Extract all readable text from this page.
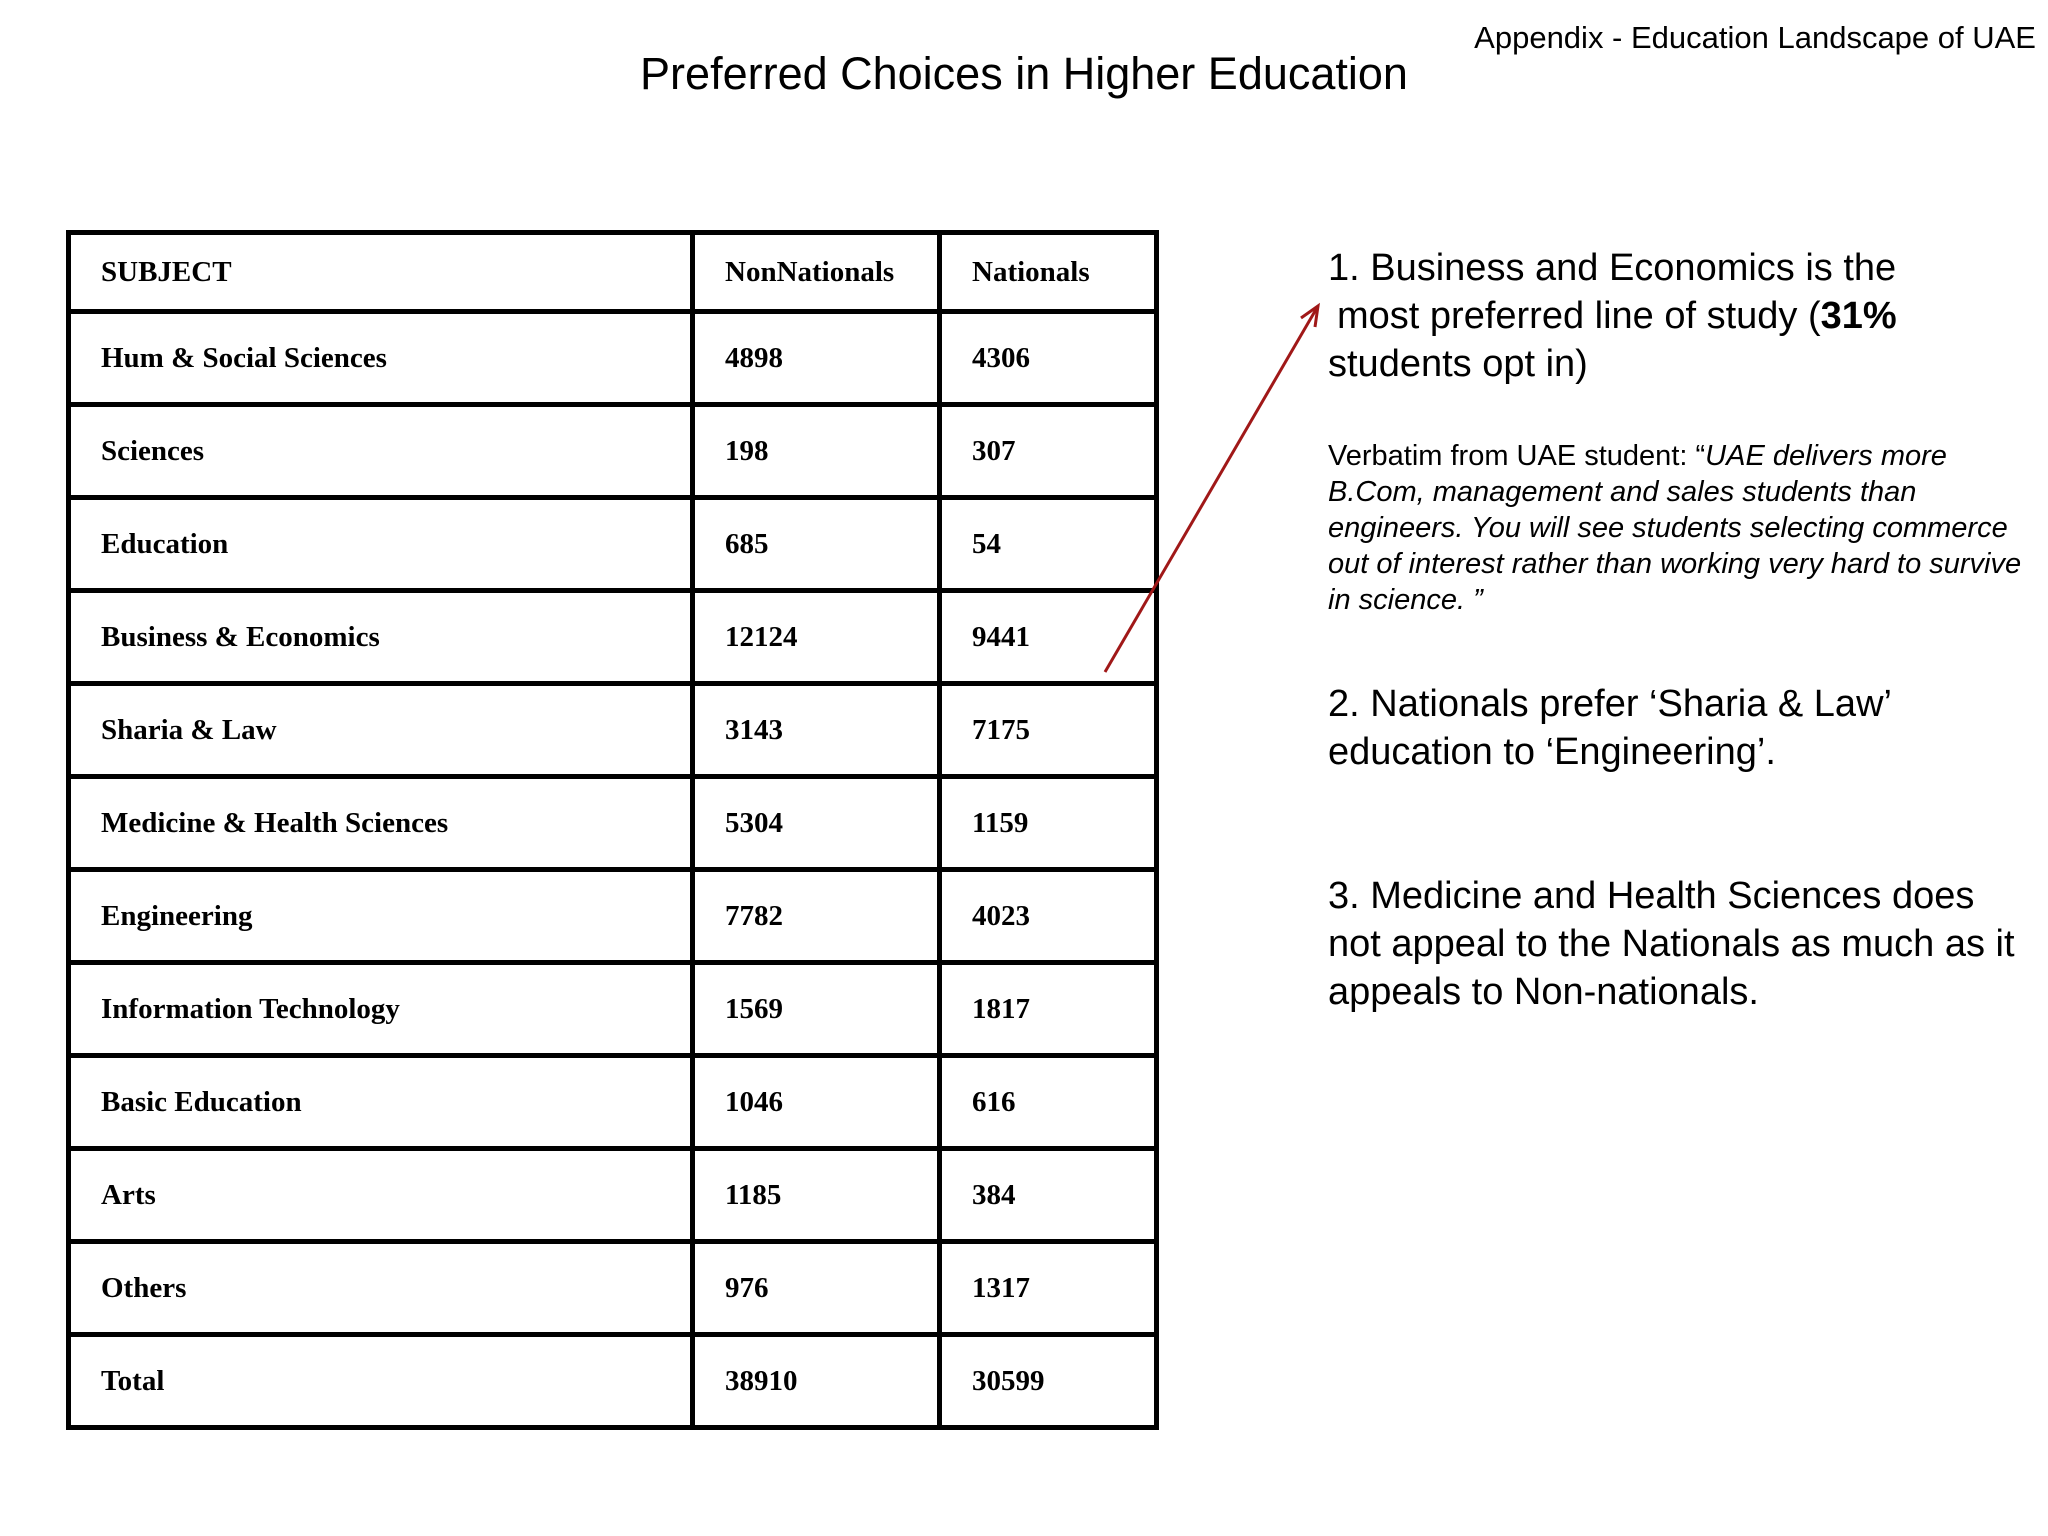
Appendix - Education Landscape of UAE
Preferred Choices in Higher Education
SUBJECT	NonNationals	Nationals
Hum & Social Sciences	4898	4306
Sciences	198	307
Education	685	54
Business & Economics	12124	9441
Sharia & Law	3143	7175
Medicine & Health Sciences	5304	1159
Engineering	7782	4023
Information Technology	1569	1817
Basic Education	1046	616
Arts	1185	384
Others	976	1317
Total	38910	30599

1. Business and Economics is the

most preferred line of study (31%

students opt in)

Verbatim from UAE student: “UAE delivers more B.Com, management and sales students than engineers. You will see students selecting commerce out of interest rather than working very hard to survive in science. ”

2. Nationals prefer ‘Sharia & Law’ education to ‘Engineering’.

3. Medicine and Health Sciences does not appeal to the Nationals as much as it appeals to Non-nationals.
